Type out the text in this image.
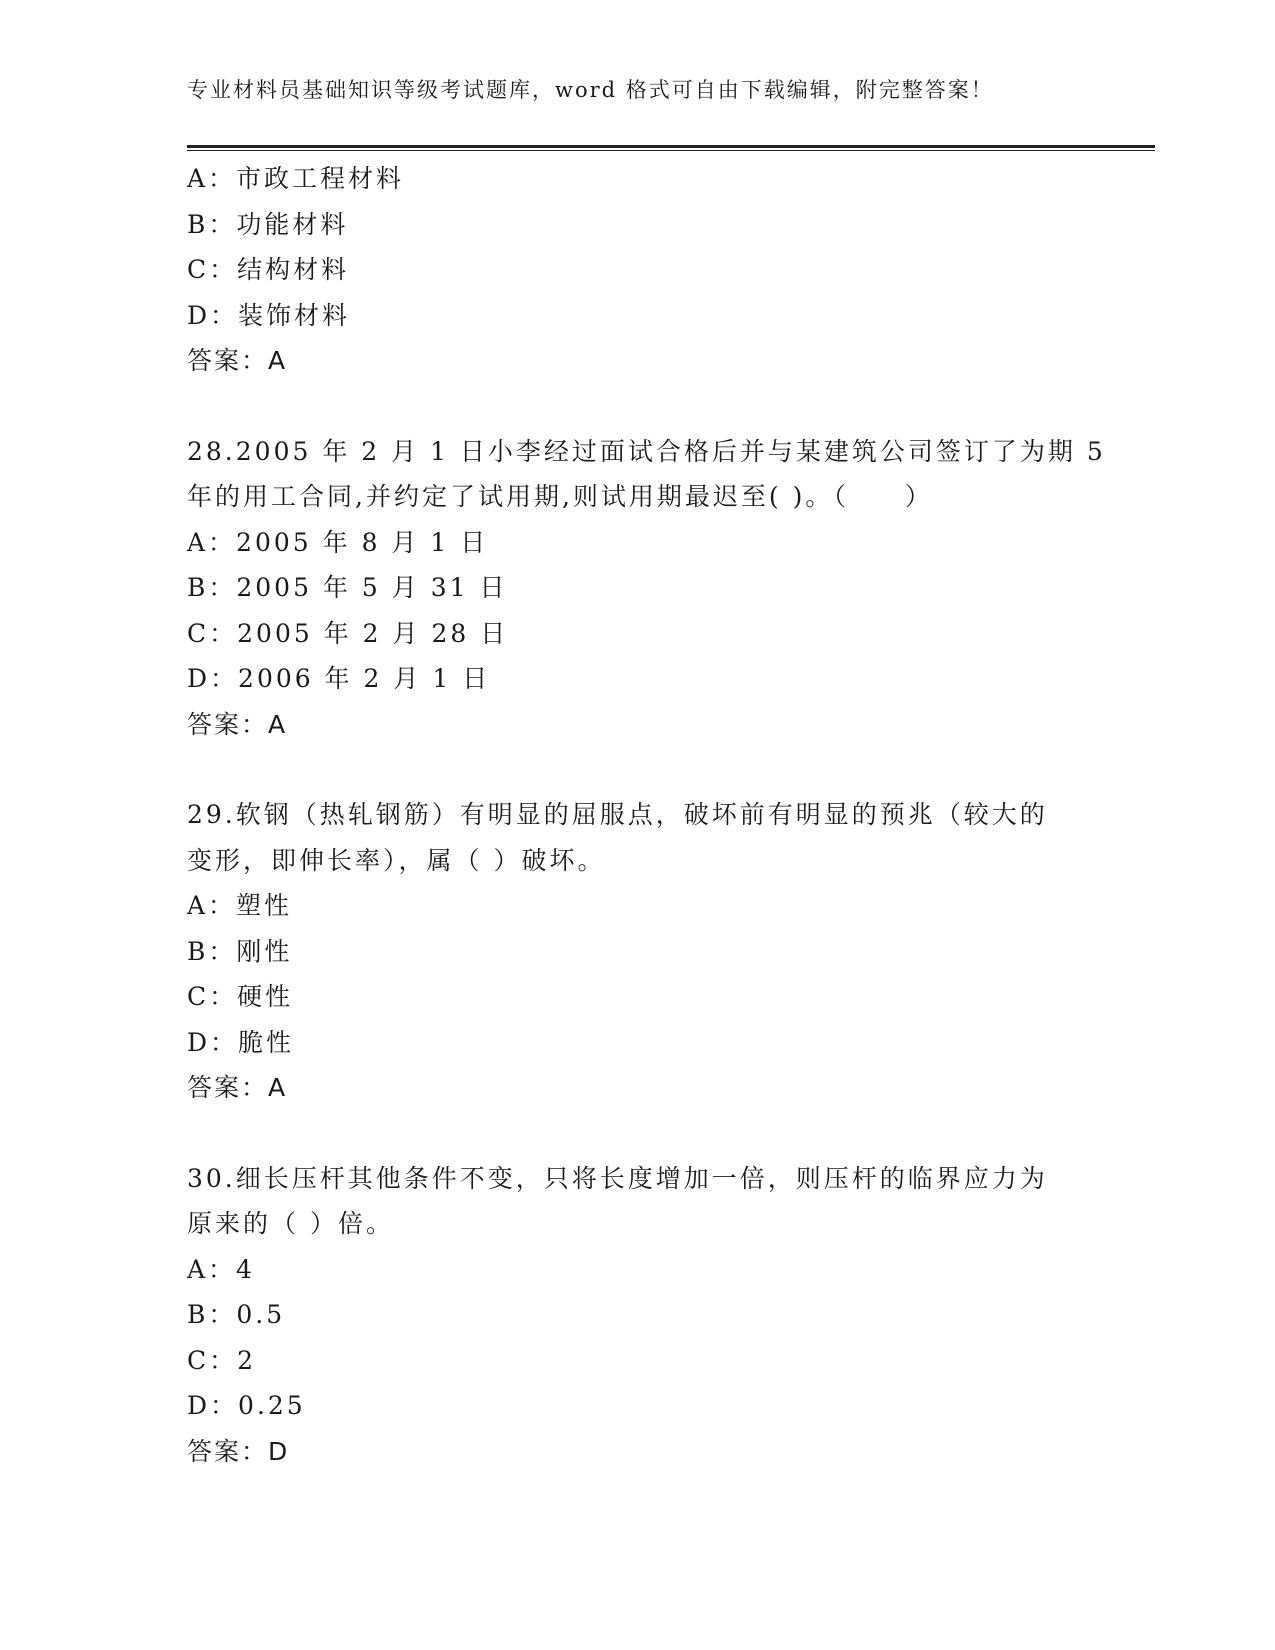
专业材料员基础知识等级考试题库，word 格式可自由下载编辑，附完整答案！
A：市政工程材料
B：功能材料
C：结构材料
D：装饰材料
答案：A
28.2005 年 2 月 1 日小李经过面试合格后并与某建筑公司签订了为期 5
年的用工合同,并约定了试用期,则试用期最迟至( )。（　　）
A：2005 年 8 月 1 日
B：2005 年 5 月 31 日
C：2005 年 2 月 28 日
D：2006 年 2 月 1 日
答案：A
29.软钢（热轧钢筋）有明显的屈服点，破坏前有明显的预兆（较大的
变形，即伸长率），属（ ）破坏。
A：塑性
B：刚性
C：硬性
D：脆性
答案：A
30.细长压杆其他条件不变，只将长度增加一倍，则压杆的临界应力为
原来的（ ）倍。
A：4
B：0.5
C：2
D：0.25
答案：D
